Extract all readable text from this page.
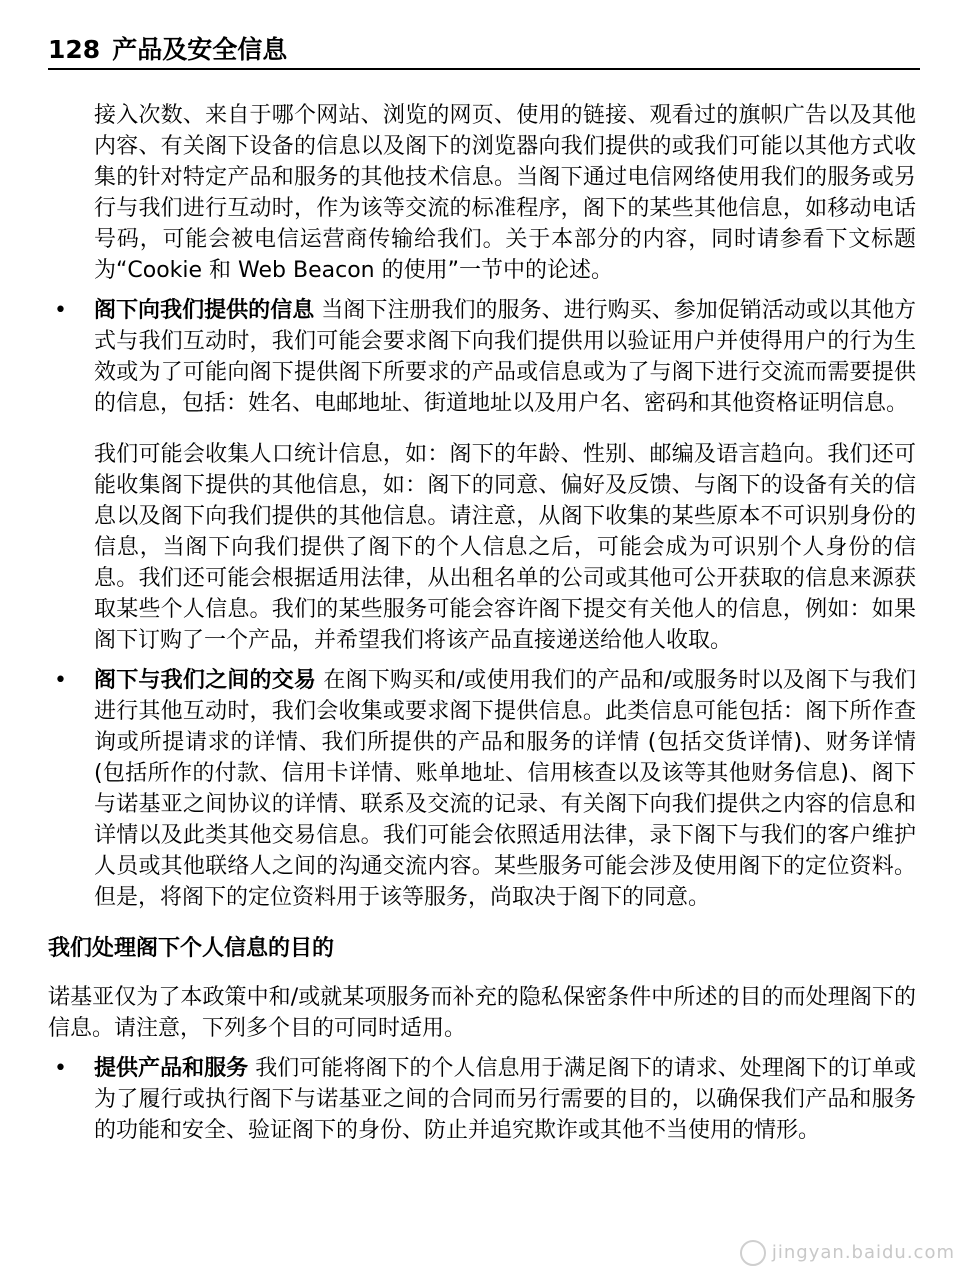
128 产品及安全信息
接入次数、来自于哪个网站、浏览的网页、使用的链接、观看过的旗帜广告以及其他内容、有关阁下设备的信息以及阁下的浏览器向我们提供的或我们可能以其他方式收集的针对特定产品和服务的其他技术信息。当阁下通过电信网络使用我们的服务或另行与我们进行互动时，作为该等交流的标准程序，阁下的某些其他信息，如移动电话号码，可能会被电信运营商传输给我们。关于本部分的内容，同时请参看下文标题为“Cookie 和 Web Beacon 的使用”一节中的论述。
• 阁下向我们提供的信息 当阁下注册我们的服务、进行购买、参加促销活动或以其他方式与我们互动时，我们可能会要求阁下向我们提供用以验证用户并使得用户的行为生效或为了可能向阁下提供阁下所要求的产品或信息或为了与阁下进行交流而需要提供的信息，包括：姓名、电邮地址、街道地址以及用户名、密码和其他资格证明信息。
我们可能会收集人口统计信息，如：阁下的年龄、性别、邮编及语言趋向。我们还可能收集阁下提供的其他信息，如：阁下的同意、偏好及反馈、与阁下的设备有关的信息以及阁下向我们提供的其他信息。请注意，从阁下收集的某些原本不可识别身份的信息，当阁下向我们提供了阁下的个人信息之后，可能会成为可识别个人身份的信息。我们还可能会根据适用法律，从出租名单的公司或其他可公开获取的信息来源获取某些个人信息。我们的某些服务可能会容许阁下提交有关他人的信息，例如：如果阁下订购了一个产品，并希望我们将该产品直接递送给他人收取。
• 阁下与我们之间的交易 在阁下购买和/或使用我们的产品和/或服务时以及阁下与我们进行其他互动时，我们会收集或要求阁下提供信息。此类信息可能包括：阁下所作查询或所提请求的详情、我们所提供的产品和服务的详情 (包括交货详情)、财务详情 (包括所作的付款、信用卡详情、账单地址、信用核查以及该等其他财务信息)、阁下与诺基亚之间协议的详情、联系及交流的记录、有关阁下向我们提供之内容的信息和详情以及此类其他交易信息。我们可能会依照适用法律，录下阁下与我们的客户维护人员或其他联络人之间的沟通交流内容。某些服务可能会涉及使用阁下的定位资料。但是，将阁下的定位资料用于该等服务，尚取决于阁下的同意。
我们处理阁下个人信息的目的
诺基亚仅为了本政策中和/或就某项服务而补充的隐私保密条件中所述的目的而处理阁下的信息。请注意，下列多个目的可同时适用。
• 提供产品和服务 我们可能将阁下的个人信息用于满足阁下的请求、处理阁下的订单或为了履行或执行阁下与诺基亚之间的合同而另行需要的目的，以确保我们产品和服务的功能和安全、验证阁下的身份、防止并追究欺诈或其他不当使用的情形。
jingyan.baidu.com
